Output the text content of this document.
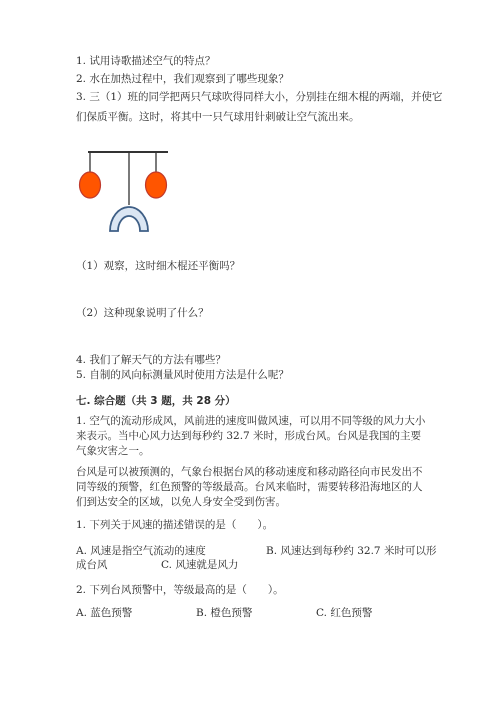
1. 试用诗歌描述空气的特点？
2. 水在加热过程中，我们观察到了哪些现象？
3. 三（1）班的同学把两只气球吹得同样大小，分别挂在细木棍的两端，并使它
们保质平衡。这时，将其中一只气球用针刺破让空气流出来。
（1）观察，这时细木棍还平衡吗？
（2）这种现象说明了什么？
4. 我们了解天气的方法有哪些？
5. 自制的风向标测量风时使用方法是什么呢？
七. 综合题（共 3 题，共 28 分）
1. 空气的流动形成风，风前进的速度叫做风速，可以用不同等级的风力大小来表示。当中心风力达到每秒约 32.7 米时，形成台风。台风是我国的主要气象灾害之一。
台风是可以被预测的，气象台根据台风的移动速度和移动路径向市民发出不同等级的预警，红色预警的等级最高。台风来临时，需要转移沿海地区的人们到达安全的区域，以免人身安全受到伤害。
1. 下列关于风速的描述错误的是（　　）。
A. 风速是指空气流动的速度	B. 风速达到每秒约 32.7 米时可以形
成台风	C. 风速就是风力
2. 下列台风预警中，等级最高的是（　　）。
A. 蓝色预警	B. 橙色预警	C. 红色预警
